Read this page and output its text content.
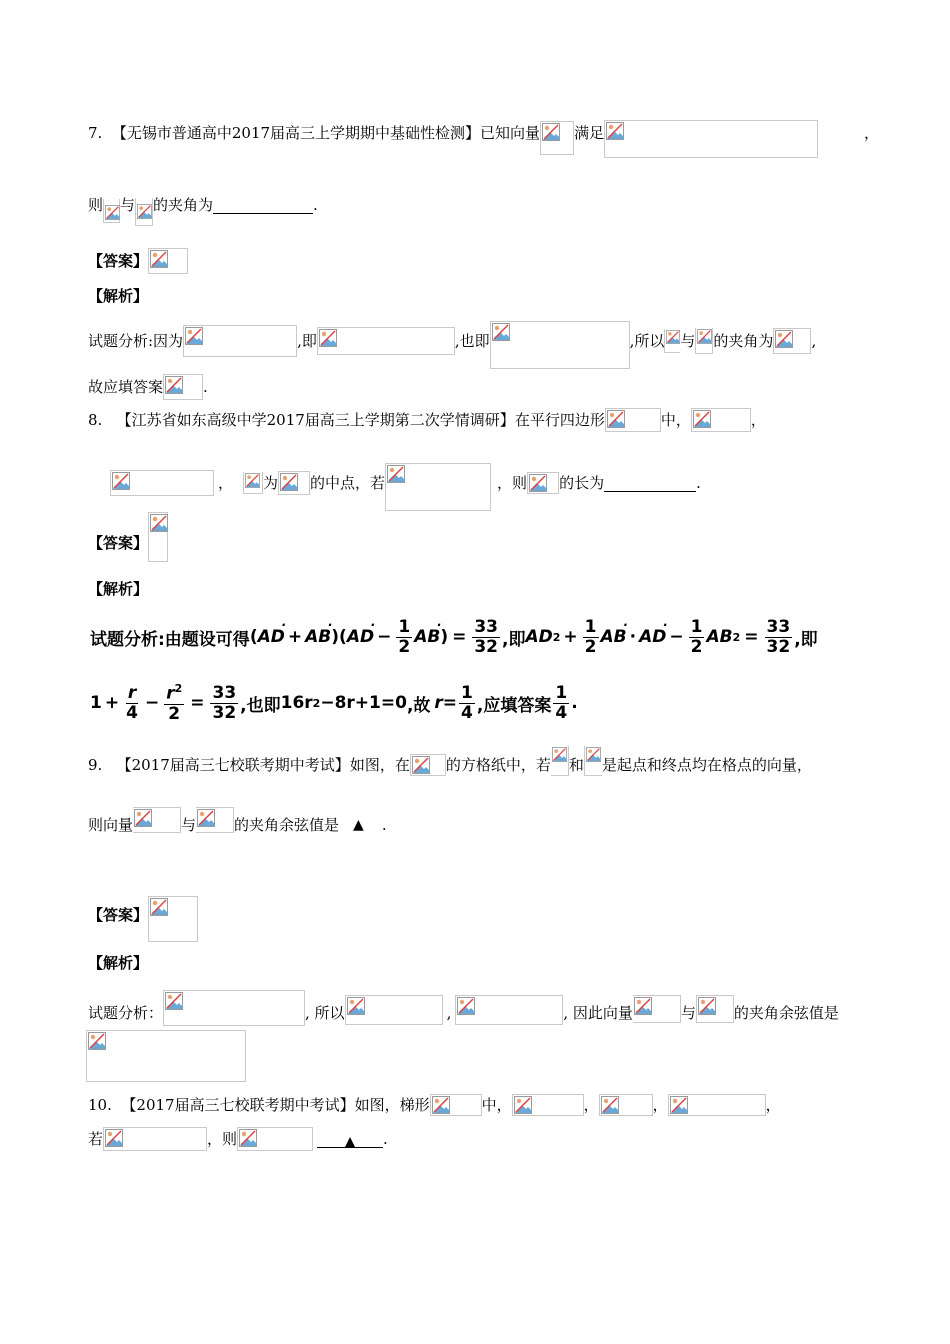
7.
【无锡市普通高中2017届高三上学期期中基础性检测】 已知向量 满足	，
则 与 的夹角为	.
【答案】
【解析】
试题分析:因为	,即	,也即	,所以 与 的夹角为	,
故应填答案	.
8.
【江苏省如东高级中学2017届高三上学期第二次学情调研】 在平行四边形	中，	，
， 为 的中点，若	，则 的长为	.
【答案】
【解析】
试题分析:由题设可得 ( AD · + AB · ) ( AD · − $\frac{1}{2}$ AB · ) = $\frac{33}{32}$ ,即 AD $2 + \frac{1}{2}$ AB · · AD · − $\frac{1}{2}$ AB $2 = \frac{33}{32}$ ,即
$1 + \frac{r}{4} - \frac{r^2}{2} = \frac{33}{32}$ ,也即 16r 2 −8r+1=0 ,故 $r= \frac{1}{4}$ ,应填答案 $\frac{1}{4}$ .
9.
【2017届高三七校联考期中考试】 如图，在 的方格纸中，若 和 是起点和终点均在格点的向量，
则向量	与	的夹角余弦值是 ▲ .
【答案】
【解析】
试题分析：	, 所以	,	, 因此向量	与	的夹角余弦值是
10.
【2017届高三七校联考期中考试】 如图，梯形	中，	，	，	，
若	，则	▲	.
